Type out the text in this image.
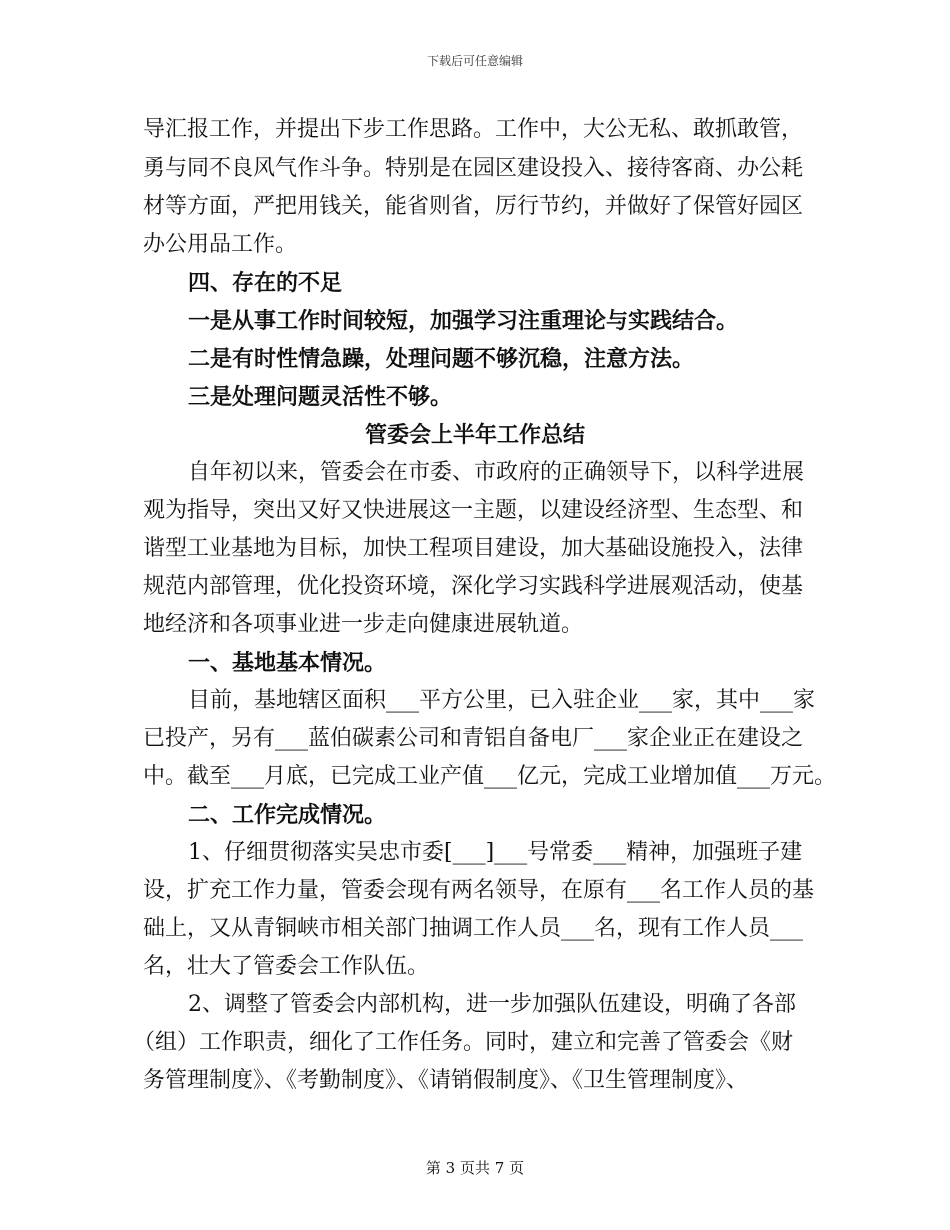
下载后可任意编辑
导汇报工作，并提出下步工作思路。工作中，大公无私、敢抓敢管，
勇与同不良风气作斗争。特别是在园区建设投入、接待客商、办公耗
材等方面，严把用钱关，能省则省，厉行节约，并做好了保管好园区
办公用品工作。
四、存在的不足
一是从事工作时间较短，加强学习注重理论与实践结合。
二是有时性情急躁，处理问题不够沉稳，注意方法。
三是处理问题灵活性不够。
管委会上半年工作总结
自年初以来，管委会在市委、市政府的正确领导下，以科学进展
观为指导，突出又好又快进展这一主题，以建设经济型、生态型、和
谐型工业基地为目标，加快工程项目建设，加大基础设施投入，法律
规范内部管理，优化投资环境，深化学习实践科学进展观活动，使基
地经济和各项事业进一步走向健康进展轨道。
一、基地基本情况。
目前，基地辖区面积___平方公里，已入驻企业___家，其中___家
已投产，另有___蓝伯碳素公司和青铝自备电厂___家企业正在建设之
中。截至___月底，已完成工业产值___亿元，完成工业增加值___万元。
二、工作完成情况。
1、仔细贯彻落实吴忠市委[___]___号常委___精神，加强班子建
设，扩充工作力量，管委会现有两名领导，在原有___名工作人员的基
础上，又从青铜峡市相关部门抽调工作人员___名，现有工作人员___
名，壮大了管委会工作队伍。
2、调整了管委会内部机构，进一步加强队伍建设，明确了各部
（组）工作职责，细化了工作任务。同时，建立和完善了管委会《财
务管理制度》、《考勤制度》、《请销假制度》、《卫生管理制度》、
第 3 页共 7 页
